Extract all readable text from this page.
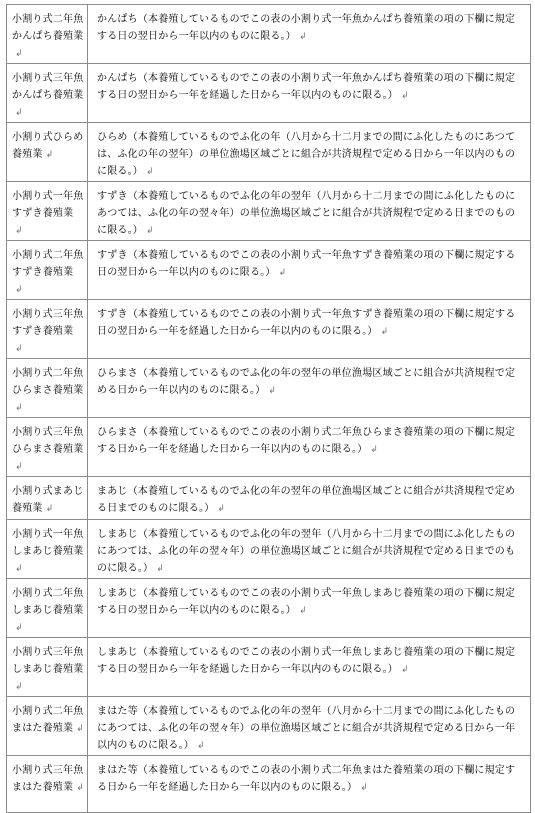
小割り式二年魚かんぱち養殖業↲	かんぱち（本養殖しているものでこの表の小割り式一年魚かんぱち養殖業の項の下欄に規定する日の翌日から一年以内のものに限る。） ↲

小割り式三年魚かんぱち養殖業↲	かんぱち（本養殖しているものでこの表の小割り式一年魚かんぱち養殖業の項の下欄に規定する日の翌日から一年を経過した日から一年以内のものに限る。） ↲

小割り式ひらめ養殖業 ↲	ひらめ（本養殖しているものでふ化の年（八月から十二月までの間にふ化したものにあつては、ふ化の年の翌年）の単位漁場区域ごとに組合が共済規程で定める日から一年以内のものに限る。） ↲

小割り式一年魚すずき養殖業↲	すずき（本養殖しているものでふ化の年の翌年（八月から十二月までの間にふ化したものにあつては、ふ化の年の翌々年）の単位漁場区域ごとに組合が共済規程で定める日までのものに限る。） ↲

小割り式二年魚すずき養殖業↲	すずき（本養殖しているものでこの表の小割り式一年魚すずき養殖業の項の下欄に規定する日の翌日から一年以内のものに限る。） ↲

小割り式三年魚すずき養殖業↲	すずき（本養殖しているものでこの表の小割り式一年魚すずき養殖業の項の下欄に規定する日の翌日から一年を経過した日から一年以内のものに限る。） ↲

小割り式二年魚ひらまさ養殖業↲	ひらまさ（本養殖しているものでふ化の年の翌年の単位漁場区域ごとに組合が共済規程で定める日から一年以内のものに限る。） ↲

小割り式三年魚ひらまさ養殖業↲	ひらまさ（本養殖しているものでこの表の小割り式二年魚ひらまさ養殖業の項の下欄に規定する日から一年を経過した日から一年以内のものに限る。） ↲

小割り式まあじ養殖業 ↲	まあじ（本養殖しているものでふ化の年の翌年の単位漁場区域ごとに組合が共済規程で定める日までのものに限る。） ↲

小割り式一年魚しまあじ養殖業↲	しまあじ（本養殖しているものでふ化の年の翌年（八月から十二月までの間にふ化したものにあつては、ふ化の年の翌々年）の単位漁場区域ごとに組合が共済規程で定める日までのものに限る。） ↲

小割り式二年魚しまあじ養殖業↲	しまあじ（本養殖しているものでこの表の小割り式一年魚しまあじ養殖業の項の下欄に規定する日の翌日から一年以内のものに限る。） ↲

小割り式三年魚しまあじ養殖業↲	しまあじ（本養殖しているものでこの表の小割り式一年魚しまあじ養殖業の項の下欄に規定する日の翌日から一年を経過した日から一年以内のものに限る。） ↲

小割り式二年魚まはた養殖業 ↲	まはた等（本養殖しているものでふ化の年の翌年（八月から十二月までの間にふ化したものにあつては、ふ化の年の翌々年）の単位漁場区域ごとに組合が共済規程で定める日から一年以内のものに限る。） ↲

小割り式三年魚まはた養殖業 ↲	まはた等（本養殖しているものでこの表の小割り式二年魚まはた養殖業の項の下欄に規定する日から一年を経過した日から一年以内のものに限る。） ↲
